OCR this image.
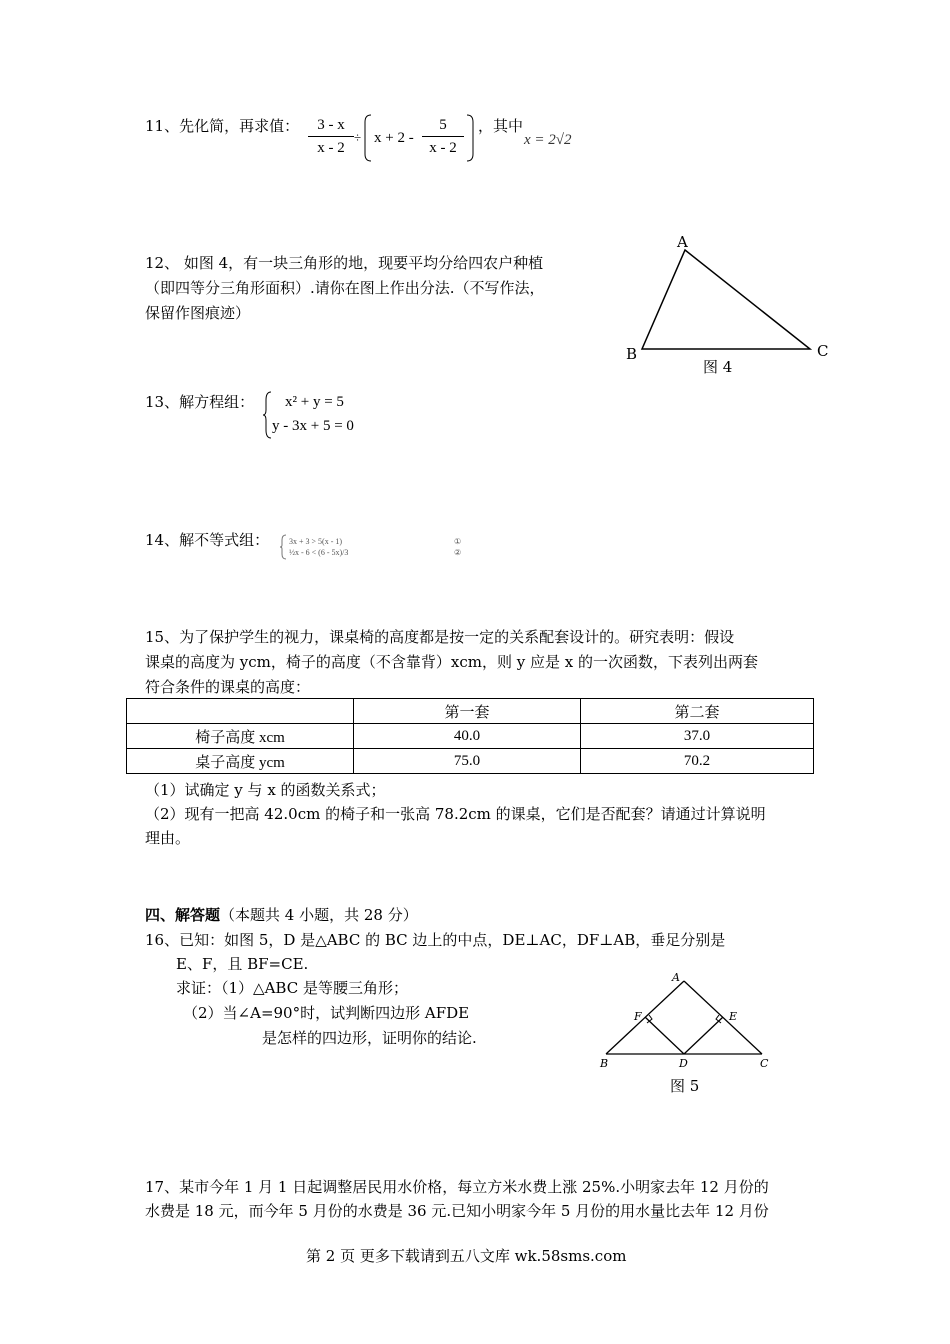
11、先化简，再求值：	3 - x
x - 2
÷ x + 2 -
5
x - 2
，其中
x = 2√2
12、 如图 4，有一块三角形的地，现要平均分给四农户种植
（即四等分三角形面积）.请你在图上作出分法.（不写作法，
保留作图痕迹）
A
B	C
图 4
13、解方程组： x² + y = 5
y - 3x + 5 = 0
14、解不等式组： 3x + 3 > 5(x - 1)
½x - 6 < (6 - 5x)/3
①
②
15、为了保护学生的视力，课桌椅的高度都是按一定的关系配套设计的。研究表明：假设
课桌的高度为 ycm，椅子的高度（不含靠背）xcm，则 y 应是 x 的一次函数，下表列出两套
符合条件的课桌的高度：
	第一套	第二套
椅子高度 xcm	40.0	37.0
桌子高度 ycm	75.0	70.2
（1）试确定 y 与 x 的函数关系式；
（2）现有一把高 42.0cm 的椅子和一张高 78.2cm 的课桌，它们是否配套？请通过计算说明
理由。
四、解答题（本题共 4 小题，共 28 分）
16、已知：如图 5，D 是△ABC 的 BC 边上的中点，DE⊥AC，DF⊥AB，垂足分别是
E、F，且 BF=CE.
求证：（1）△ABC 是等腰三角形；
（2）当∠A=90°时，试判断四边形 AFDE
是怎样的四边形，证明你的结论.
A
F	E
B	D	C
图 5
17、某市今年 1 月 1 日起调整居民用水价格，每立方米水费上涨 25%.小明家去年 12 月份的
水费是 18 元，而今年 5 月份的水费是 36 元.已知小明家今年 5 月份的用水量比去年 12 月份
第 2 页 更多下载请到五八文库 wk.58sms.com
